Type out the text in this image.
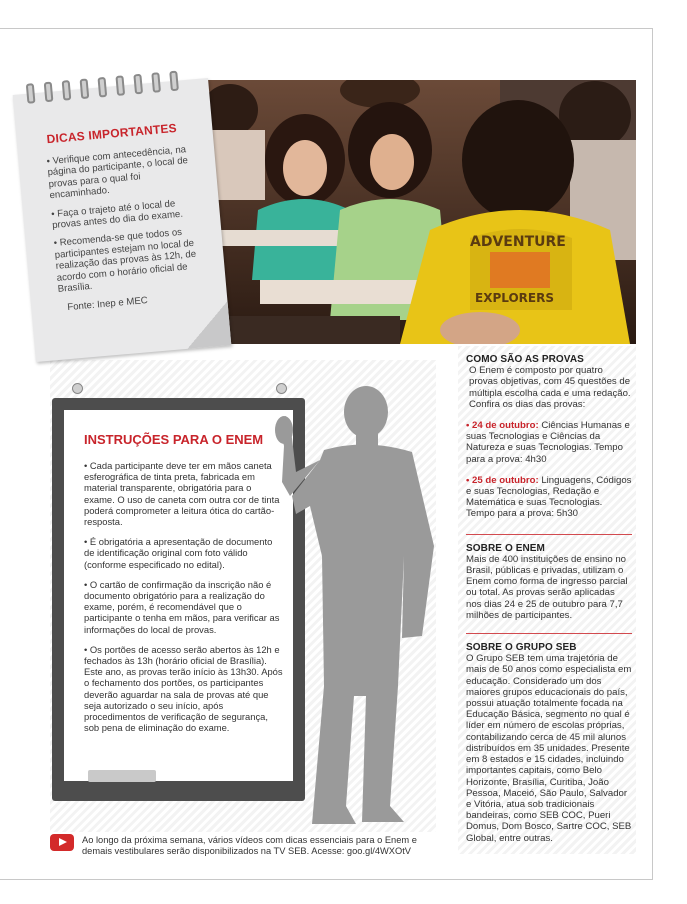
ADVENTURE
EXPLORERS
DICAS IMPORTANTES

• Verifique com antecedência, na página do participante, o local de provas para o qual foi encaminhado.

• Faça o trajeto até o local de provas antes do dia do exame.

• Recomenda-se que todos os participantes estejam no local de realização das provas às 12h, de acordo com o horário oficial de Brasília.

Fonte: Inep e MEC

INSTRUÇÕES PARA O ENEM

• Cada participante deve ter em mãos caneta esferográfica de tinta preta, fabricada em material transparente, obrigatória para o exame. O uso de caneta com outra cor de tinta poderá comprometer a leitura ótica do cartão-resposta.

• É obrigatória a apresentação de documento de identificação original com foto válido (conforme especificado no edital).

• O cartão de confirmação da inscrição não é documento obrigatório para a realização do exame, porém, é recomendável que o participante o tenha em mãos, para verificar as informações do local de provas.

• Os portões de acesso serão abertos às 12h e fechados às 13h (horário oficial de Brasília). Este ano, as provas terão início às 13h30. Após o fechamento dos portões, os participantes deverão aguardar na sala de provas até que seja autorizado o seu início, após procedimentos de verificação de segurança, sob pena de eliminação do exame.

COMO SÃO AS PROVAS

O Enem é composto por quatro provas objetivas, com 45 questões de múltipla escolha cada e uma redação. Confira os dias das provas:

• 24 de outubro: Ciências Humanas e suas Tecnologias e Ciências da Natureza e suas Tecnologias. Tempo para a prova: 4h30

• 25 de outubro: Linguagens, Códigos e suas Tecnologias, Redação e Matemática e suas Tecnologias. Tempo para a prova: 5h30

SOBRE O ENEM

Mais de 400 instituições de ensino no Brasil, públicas e privadas, utilizam o Enem como forma de ingresso parcial ou total. As provas serão aplicadas nos dias 24 e 25 de outubro para 7,7 milhões de participantes.

SOBRE O GRUPO SEB

O Grupo SEB tem uma trajetória de mais de 50 anos como especialista em educação. Considerado um dos maiores grupos educacionais do país, possui atuação totalmente focada na Educação Básica, segmento no qual é líder em número de escolas próprias, contabilizando cerca de 45 mil alunos distribuídos em 35 unidades. Presente em 8 estados e 15 cidades, incluindo importantes capitais, como Belo Horizonte, Brasília, Curitiba, João Pessoa, Maceió, São Paulo, Salvador e Vitória, atua sob tradicionais bandeiras, como SEB COC, Pueri Domus, Dom Bosco, Sartre COC, SEB Global, entre outras.

Ao longo da próxima semana, vários vídeos com dicas essenciais para o Enem e demais vestibulares serão disponibilizados na TV SEB. Acesse: goo.gl/4WXOtV
